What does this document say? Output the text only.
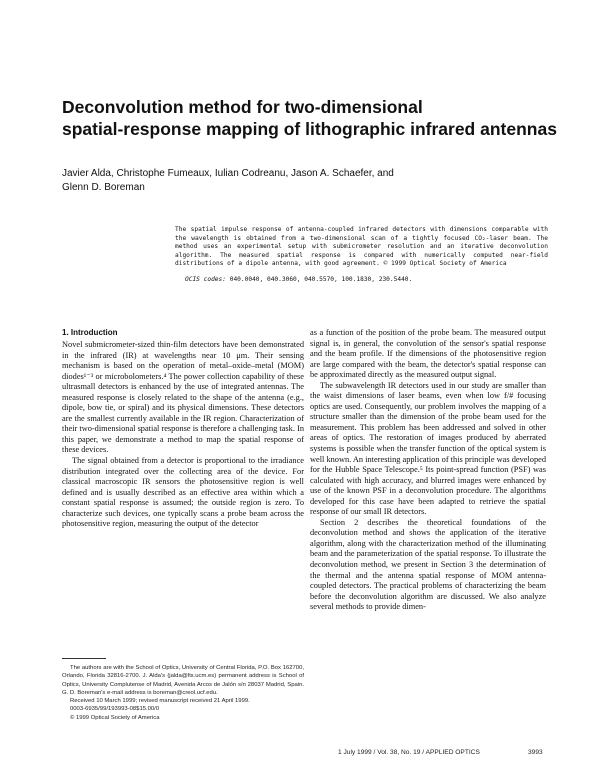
Deconvolution method for two-dimensional
spatial-response mapping of lithographic infrared antennas

Javier Alda, Christophe Fumeaux, Iulian Codreanu, Jason A. Schaefer, and
Glenn D. Boreman

The spatial impulse response of antenna-coupled infrared detectors with dimensions comparable with the wavelength is obtained from a two-dimensional scan of a tightly focused CO₂-laser beam. The method uses an experimental setup with submicrometer resolution and an iterative deconvolution algorithm. The measured spatial response is compared with numerically computed near-field distributions of a dipole antenna, with good agreement. © 1999 Optical Society of America

OCIS codes: 040.0040, 040.3060, 040.5570, 100.1830, 230.5440.

1. Introduction

Novel submicrometer-sized thin-film detectors have been demonstrated in the infrared (IR) at wavelengths near 10 μm. Their sensing mechanism is based on the operation of metal–oxide–metal (MOM) diodes¹⁻³ or microbolometers.⁴ The power collection capability of these ultrasmall detectors is enhanced by the use of integrated antennas. The measured response is closely related to the shape of the antenna (e.g., dipole, bow tie, or spiral) and its physical dimensions. These detectors are the smallest currently available in the IR region. Characterization of their two-dimensional spatial response is therefore a challenging task. In this paper, we demonstrate a method to map the spatial response of these devices.

The signal obtained from a detector is proportional to the irradiance distribution integrated over the collecting area of the device. For classical macroscopic IR sensors the photosensitive region is well defined and is usually described as an effective area within which a constant spatial response is assumed; the outside region is zero. To characterize such devices, one typically scans a probe beam across the photosensitive region, measuring the output of the detector

as a function of the position of the probe beam. The measured output signal is, in general, the convolution of the sensor's spatial response and the beam profile. If the dimensions of the photosensitive region are large compared with the beam, the detector's spatial response can be approximated directly as the measured output signal.

The subwavelength IR detectors used in our study are smaller than the waist dimensions of laser beams, even when low f/# focusing optics are used. Consequently, our problem involves the mapping of a structure smaller than the dimension of the probe beam used for the measurement. This problem has been addressed and solved in other areas of optics. The restoration of images produced by aberrated systems is possible when the transfer function of the optical system is well known. An interesting application of this principle was developed for the Hubble Space Telescope.⁵ Its point-spread function (PSF) was calculated with high accuracy, and blurred images were enhanced by use of the known PSF in a deconvolution procedure. The algorithms developed for this case have been adapted to retrieve the spatial response of our small IR detectors.

Section 2 describes the theoretical foundations of the deconvolution method and shows the application of the iterative algorithm, along with the characterization method of the illuminating beam and the parameterization of the spatial response. To illustrate the deconvolution method, we present in Section 3 the determination of the thermal and the antenna spatial response of MOM antenna-coupled detectors. The practical problems of characterizing the beam before the deconvolution algorithm are discussed. We also analyze several methods to provide dimen-

The authors are with the School of Optics, University of Central Florida, P.O. Box 162700, Orlando, Florida 32816-2700. J. Alda's (jalda@fis.ucm.es) permanent address is School of Optics, University Complutense of Madrid, Avenida Arcos de Jalón s/n 28037 Madrid, Spain. G. D. Boreman's e-mail address is boreman@creol.ucf.edu.

Received 10 March 1999; revised manuscript received 21 April 1999.

0003-6935/99/193993-08$15.00/0

© 1999 Optical Society of America

1 July 1999 / Vol. 38, No. 19 / APPLIED OPTICS	3993
